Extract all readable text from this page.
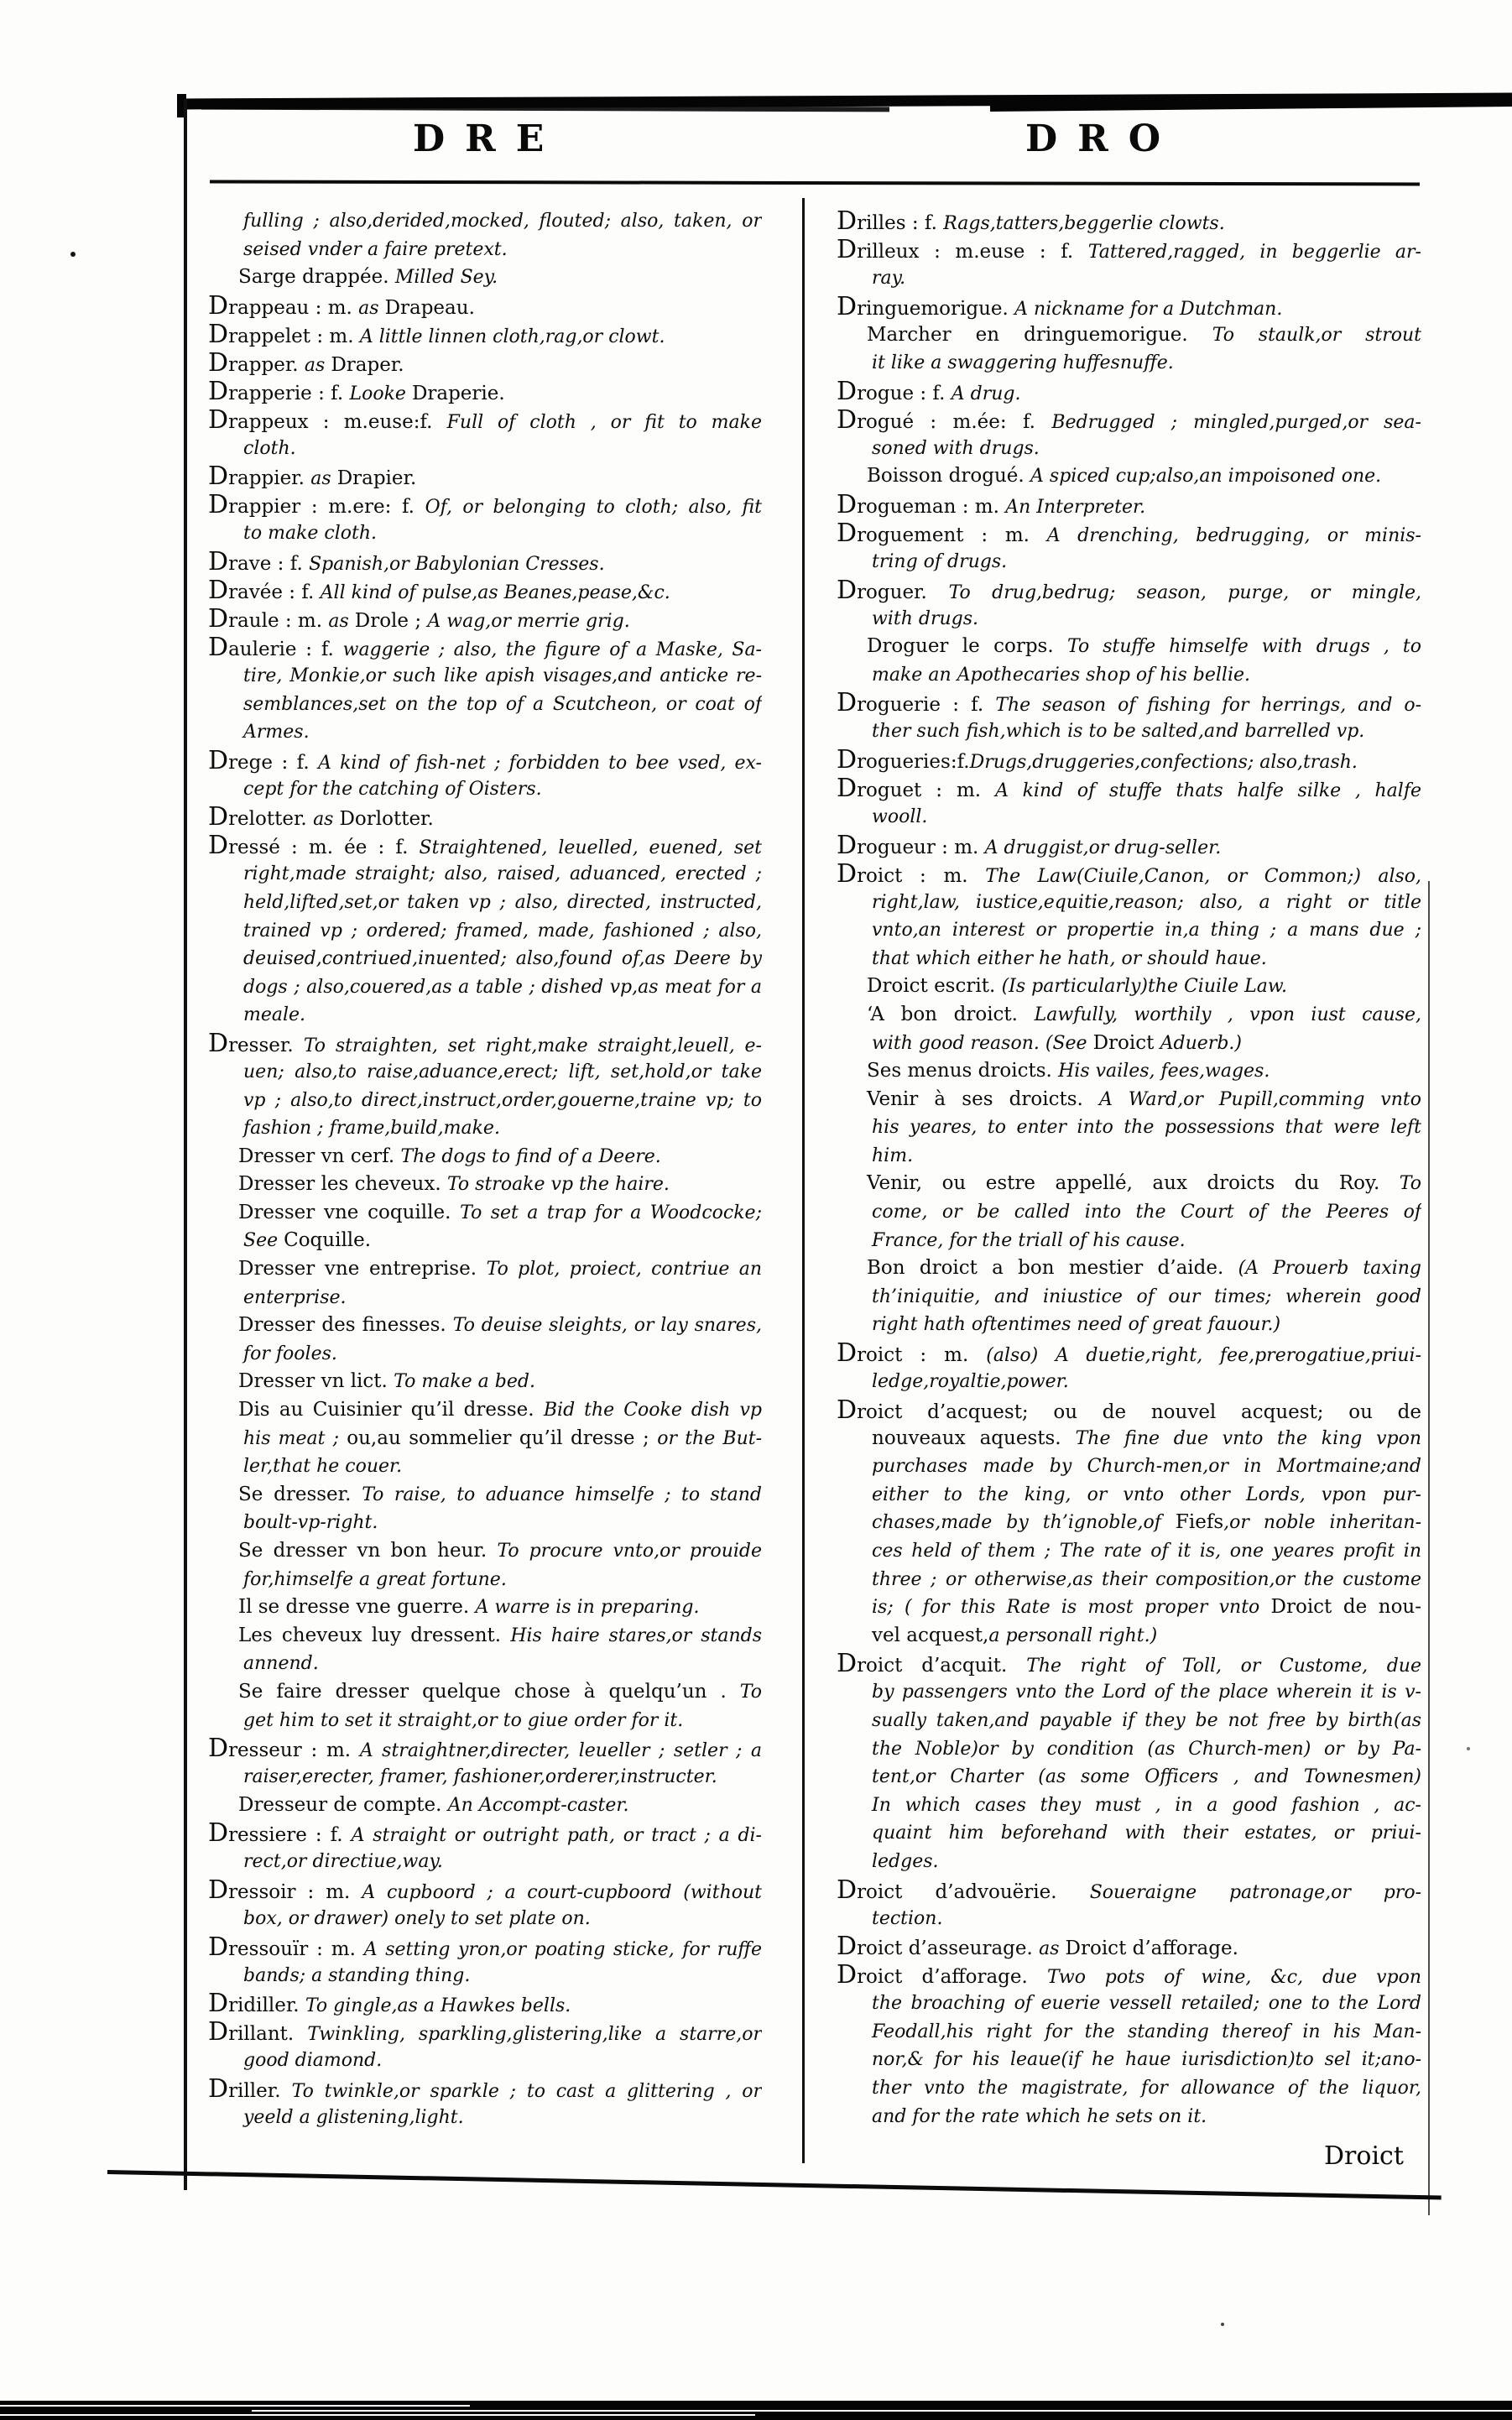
DRE	DRO
fulling ; also,derided,mocked, flouted; also, taken, or
seised vnder a faire pretext.
Sarge drappée. Milled Sey.
Drappeau : m. as Drapeau.
Drappelet : m. A little linnen cloth,rag,or clowt.
Drapper. as Draper.
Drapperie : f. Looke Draperie.
Drappeux : m.euse:f. Full of cloth , or fit to make
cloth.
Drappier. as Drapier.
Drappier : m.ere: f. Of, or belonging to cloth; also, fit
to make cloth.
Drave : f. Spanish,or Babylonian Cresses.
Dravée : f. All kind of pulse,as Beanes,pease,&c.
Draule : m. as Drole ; A wag,or merrie grig.
Daulerie : f. waggerie ; also, the figure of a Maske, Sa-
tire, Monkie,or such like apish visages,and anticke re-
semblances,set on the top of a Scutcheon, or coat of
Armes.
Drege : f. A kind of fish-net ; forbidden to bee vsed, ex-
cept for the catching of Oisters.
Drelotter. as Dorlotter.
Dressé : m. ée : f. Straightened, leuelled, euened, set
right,made straight; also, raised, aduanced, erected ;
held,lifted,set,or taken vp ; also, directed, instructed,
trained vp ; ordered; framed, made, fashioned ; also,
deuised,contriued,inuented; also,found of,as Deere by
dogs ; also,couered,as a table ; dished vp,as meat for a
meale.
Dresser. To straighten, set right,make straight,leuell, e-
uen; also,to raise,aduance,erect; lift, set,hold,or take
vp ; also,to direct,instruct,order,gouerne,traine vp; to
fashion ; frame,build,make.
Dresser vn cerf. The dogs to find of a Deere.
Dresser les cheveux. To stroake vp the haire.
Dresser vne coquille. To set a trap for a Woodcocke;
See Coquille.
Dresser vne entreprise. To plot, proiect, contriue an
enterprise.
Dresser des finesses. To deuise sleights, or lay snares,
for fooles.
Dresser vn lict. To make a bed.
Dis au Cuisinier qu’il dresse. Bid the Cooke dish vp
his meat ; ou,au sommelier qu’il dresse ; or the But-
ler,that he couer.
Se dresser. To raise, to aduance himselfe ; to stand
boult-vp-right.
Se dresser vn bon heur. To procure vnto,or prouide
for,himselfe a great fortune.
Il se dresse vne guerre. A warre is in preparing.
Les cheveux luy dressent. His haire stares,or stands
annend.
Se faire dresser quelque chose à quelqu’un . To
get him to set it straight,or to giue order for it.
Dresseur : m. A straightner,directer, leueller ; setler ; a
raiser,erecter, framer, fashioner,orderer,instructer.
Dresseur de compte. An Accompt-caster.
Dressiere : f. A straight or outright path, or tract ; a di-
rect,or directiue,way.
Dressoir : m. A cupboord ; a court-cupboord (without
box, or drawer) onely to set plate on.
Dressouïr : m. A setting yron,or poating sticke, for ruffe
bands; a standing thing.
Dridiller. To gingle,as a Hawkes bells.
Drillant. Twinkling, sparkling,glistering,like a starre,or
good diamond.
Driller. To twinkle,or sparkle ; to cast a glittering , or
yeeld a glistening,light.
Drilles : f. Rags,tatters,beggerlie clowts.
Drilleux : m.euse : f. Tattered,ragged, in beggerlie ar-
ray.
Dringuemorigue. A nickname for a Dutchman.
Marcher en dringuemorigue. To staulk,or strout
it like a swaggering huffesnuffe.
Drogue : f. A drug.
Drogué : m.ée: f. Bedrugged ; mingled,purged,or sea-
soned with drugs.
Boisson drogué. A spiced cup;also,an impoisoned one.
Drogueman : m. An Interpreter.
Droguement : m. A drenching, bedrugging, or minis-
tring of drugs.
Droguer. To drug,bedrug; season, purge, or mingle,
with drugs.
Droguer le corps. To stuffe himselfe with drugs , to
make an Apothecaries shop of his bellie.
Droguerie : f. The season of fishing for herrings, and o-
ther such fish,which is to be salted,and barrelled vp.
Drogueries:f.Drugs,druggeries,confections; also,trash.
Droguet : m. A kind of stuffe thats halfe silke , halfe
wooll.
Drogueur : m. A druggist,or drug-seller.
Droict : m. The Law(Ciuile,Canon, or Common;) also,
right,law, iustice,equitie,reason; also, a right or title
vnto,an interest or propertie in,a thing ; a mans due ;
that which either he hath, or should haue.
Droict escrit. (Is particularly)the Ciuile Law.
‘A bon droict. Lawfully, worthily , vpon iust cause,
with good reason. (See Droict Aduerb.)
Ses menus droicts. His vailes, fees,wages.
Venir à ses droicts. A Ward,or Pupill,comming vnto
his yeares, to enter into the possessions that were left
him.
Venir, ou estre appellé, aux droicts du Roy. To
come, or be called into the Court of the Peeres of
France, for the triall of his cause.
Bon droict a bon mestier d’aide. (A Prouerb taxing
th’iniquitie, and iniustice of our times; wherein good
right hath oftentimes need of great fauour.)
Droict : m. (also) A duetie,right, fee,prerogatiue,priui-
ledge,royaltie,power.
Droict d’acquest; ou de nouvel acquest; ou de
nouveaux aquests. The fine due vnto the king vpon
purchases made by Church-men,or in Mortmaine;and
either to the king, or vnto other Lords, vpon pur-
chases,made by th’ignoble,of Fiefs,or noble inheritan-
ces held of them ; The rate of it is, one yeares profit in
three ; or otherwise,as their composition,or the custome
is; ( for this Rate is most proper vnto Droict de nou-
vel acquest,a personall right.)
Droict d’acquit. The right of Toll, or Custome, due
by passengers vnto the Lord of the place wherein it is v-
sually taken,and payable if they be not free by birth(as
the Noble)or by condition (as Church-men) or by Pa-
tent,or Charter (as some Officers , and Townesmen)
In which cases they must , in a good fashion , ac-
quaint him beforehand with their estates, or priui-
ledges.
Droict d’advouërie. Soueraigne patronage,or pro-
tection.
Droict d’asseurage. as Droict d’afforage.
Droict d’afforage. Two pots of wine, &c, due vpon
the broaching of euerie vessell retailed; one to the Lord
Feodall,his right for the standing thereof in his Man-
nor,& for his leaue(if he haue iurisdiction)to sel it;ano-
ther vnto the magistrate, for allowance of the liquor,
and for the rate which he sets on it.
Droict
